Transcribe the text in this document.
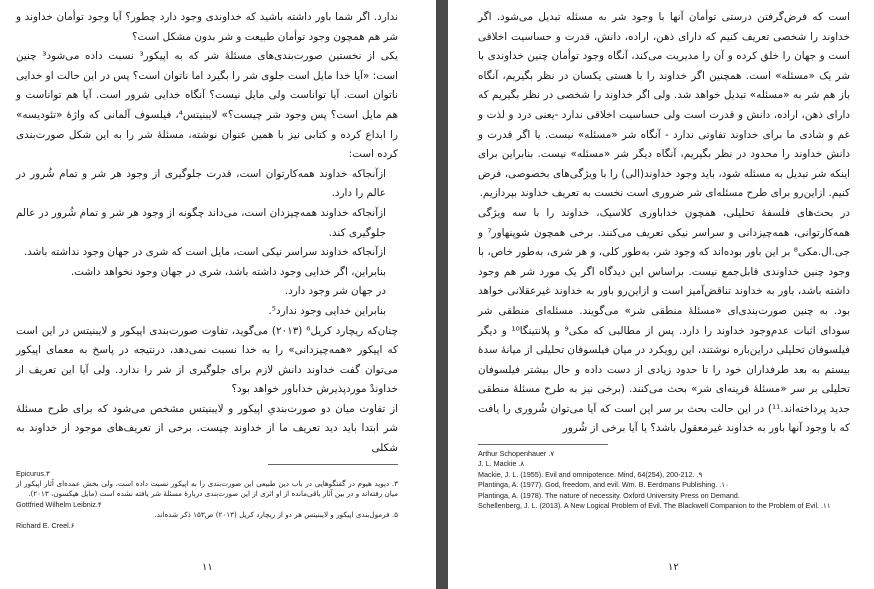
ندارد. اگر شما باور داشته باشید که خداوندی وجود دارد چطور؟ آیا وجود توأمان خداوند و شر هم همچون وجود توأمان طبیعت و شر بدون مشکل است؟

یکی از نخستین صورت‌بندی‌های مسئلهٔ شر که به اپیکور³ نسبت داده می‌شود³ چنین است: «آیا خدا مایل است جلوی شر را بگیرد اما ناتوان است؟ پس در این حالت او خدایی ناتوان است. آیا تواناست ولی مایل نیست؟ آنگاه خدایی شرور است. آیا هم تواناست و هم مایل است؟ پس وجود شر چیست؟» لایبنیتس⁴، فیلسوف آلمانی که واژهٔ «تئودیسه» را ابداع کرده و کتابی نیز با همین عنوان نوشته، مسئلهٔ شر را به این شکل صورت‌بندی کرده است:

ازآنجاکه خداوند همه‌کارتوان است، قدرت جلوگیری از وجود هر شر و تمام شُرور در عالم را دارد.

ازآنجاکه خداوند همه‌چیزدان است، می‌داند چگونه از وجود هر شر و تمام شُرور در عالم جلوگیری کند.

ازآنجاکه خداوند سراسر نیکی است، مایل است که شری در جهان وجود نداشته باشد.

بنابراین، اگر خدایی وجود داشته باشد، شری در جهان وجود نخواهد داشت.

در جهان شر وجود دارد.

بنابراین خدایی وجود ندارد⁵.

چنان‌که ریچارد کریل⁶ (۲۰۱۳) می‌گوید، تفاوت صورت‌بندی اپیکور و لایبنیتس در این است که اپیکور «همه‌چیزدانی» را به خدا نسبت نمی‌دهد، درنتیجه در پاسخ به معمای اپیکور می‌توان گفت خداوند دانش لازم برای جلوگیری از شر را ندارد. ولی آیا این تعریف از خداوندْ موردپذیرش خداباور خواهد بود؟

از تفاوت میان دو صورت‌بندیِ اپیکور و لایبنیتس مشخص می‌شود که برای طرح مسئلهٔ شر ابتدا باید دید تعریف ما از خداوند چیست. برخی از تعریف‌های موجود از خداوند به شکلی

Epicurus.۳
۳. دیوید هیوم در گفتگوهایی در باب دین طبیعی این صورت‌بندی را به اپیکور نسبت داده است، ولی بخش عمده‌ای آثار اپیکور از میان رفته‌اند و در بین آثار باقی‌مانده از او اثری از این صورت‌بندی دربارهٔ مسئلهٔ شر یافته نشده است (مایل هیکسون، ۲۰۱۳).
Gottfried Wilhelm Leibniz.۴
۵. فرمول‌بندی اپیکور و لایبنیتس هر دو از ریچارد کریل (۲۰۱۳) ص۱۵۳ ذکر شده‌اند.
Richard E. Creel.۶
۱۱

است که فرض‌گرفتن درستی توأمان آنها با وجود شر به مسئله تبدیل می‌شود. اگر خداوند را شخصی تعریف کنیم که دارای ذهن، اراده، دانش، قدرت و حساسیت اخلاقی است و جهان را خلق کرده و آن را مدیریت می‌کند، آنگاه وجود توأمان چنین خداوندی با شر یک «مسئله» است. همچنین اگر خداوند را با هستی یکسان در نظر بگیریم، آنگاه باز هم شر به «مسئله» تبدیل خواهد شد. ولی اگر خداوند را شخصی در نظر بگیریم که دارای ذهن، اراده، دانش و قدرت است ولی حساسیت اخلاقی ندارد -یعنی درد و لذت و غم و شادی ما برای خداوند تفاوتی ندارد - آنگاه شر «مسئله» نیست. یا اگر قدرت و دانش خداوند را محدود در نظر بگیریم، آنگاه دیگر شر «مسئله» نیست. بنابراین برای اینکه شر تبدیل به مسئله شود، باید وجود خداوند(الی) را با ویژگی‌های بخصوصی، فرض کنیم. ازاین‌رو برای طرح مسئله‌ای شر ضروری است نخست به تعریف خداوند بپردازیم.

در بحث‌های فلسفهٔ تحلیلی، همچون خداباوری کلاسیک، خداوند را با سه ویژگی همه‌کارتوانی، همه‌چیزدانی و سراسر نیکی تعریف می‌کنند. برخی همچون شوپنهاور⁷ و جی.ال.مکی⁸ بر این باور بوده‌اند که وجود شر، به‌طور کلی، و هر شری، به‌طور خاص، با وجود چنین خداوندی قابل‌جمع نیست. براساس این دیدگاه اگر یک مورد شر هم وجود داشته باشد، باور به خداوند تناقض‌آمیز است و ازاین‌رو باور به خداوند غیرعقلانی خواهد بود. به چنین صورت‌بندی‌ای «مسئلهٔ منطقی شر» می‌گویند. مسئله‌ای منطقی شر سودای اثبات عدم‌وجود خداوند را دارد. پس از مطالبی که مکی⁹ و پلانتینگا¹⁰ و دیگر فیلسوفان تحلیلی دراین‌باره نوشتند، این رویکرد در میان فیلسوفان تحلیلی از میانهٔ سدهٔ بیستم به بعد طرفداران خود را تا حدود زیادی از دست داده و حال بیشتر فیلسوفان تحلیلی بر سر «مسئلهٔ قرینه‌ای شر» بحث می‌کنند. (برخی نیز به طرح مسئلهٔ منطقی جدید پرداخته‌اند.¹¹) در این حالت بحث بر سر این است که آیا می‌توان شُروری را یافت که با وجود آنها باور به خداوند غیرمعقول باشد؟ یا آیا برخی از شُرور

Arthur Schopenhauer .۷
J. L. Mackie .۸
Mackie, J. L. (1955). Evil and omnipotence. Mind, 64(254), 200-212. .۹
Plantinga, A. (1977). God, freedom, and evil. Wm. B. Eerdmans Publishing. .۱۰
Plantinga, A. (1978). The nature of necessity. Oxford University Press on Demand.
Schellenberg, J. L. (2013). A New Logical Problem of Evil. The Blackwell Companion to the Problem of Evil. .۱۱
۱۲
